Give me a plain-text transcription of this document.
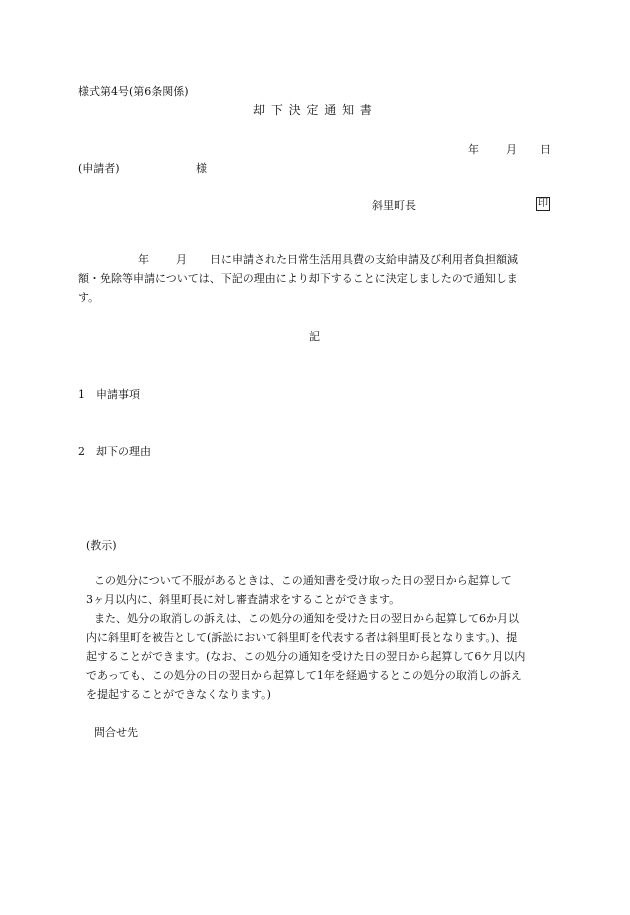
様式第4号(第6条関係)
却 下 決 定 通 知 書
年 月 日
(申請者)	様
斜里町長	印
年 月 日に申請された日常生活用具費の支給申請及び利用者負担額減
額・免除等申請については、下記の理由により却下することに決定しましたので通知しま
す。
記
1 申請事項
2 却下の理由
(教示)
この処分について不服があるときは、この通知書を受け取った日の翌日から起算して
3ヶ月以内に、斜里町長に対し審査請求をすることができます。
また、処分の取消しの訴えは、この処分の通知を受けた日の翌日から起算して6か月以
内に斜里町を被告として(訴訟において斜里町を代表する者は斜里町長となります。)、提
起することができます。(なお、この処分の通知を受けた日の翌日から起算して6ケ月以内
であっても、この処分の日の翌日から起算して1年を経過するとこの処分の取消しの訴え
を提起することができなくなります。)
問合せ先
